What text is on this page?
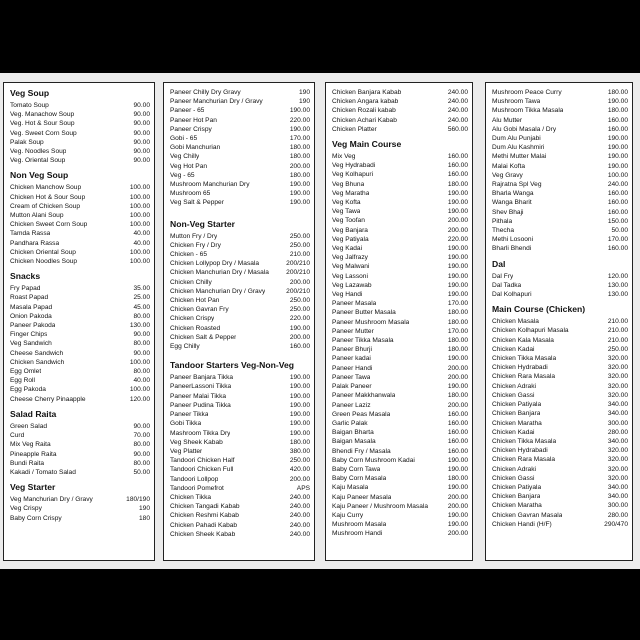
Veg Soup
Tomato Soup	90.00
Veg. Manachow Soup	90.00
Veg. Hot & Sour Soup	90.00
Veg. Sweet Corn Soup	90.00
Palak Soup	90.00
Veg. Noodles Soup	90.00
Veg. Oriental Soup	90.00
Non Veg Soup
Chicken Manchow Soup	100.00
Chicken Hot & Sour Soup	100.00
Cream of Chicken Soup	100.00
Mutton Alani Soup	100.00
Chicken Sweet Corn Soup	100.00
Tamda Rassa	40.00
Pandhara Rassa	40.00
Chicken Oriental Soup	100.00
Chicken Noodles Soup	100.00
Snacks
Fry Papad	35.00
Roast Papad	25.00
Masala Papad	45.00
Onion Pakoda	80.00
Paneer Pakoda	130.00
Finger Chips	90.00
Veg Sandwich	80.00
Cheese Sandwich	90.00
Chicken Sandwich	100.00
Egg Omlet	80.00
Egg Roll	40.00
Egg Pakoda	100.00
Cheese Cherry Pinaapple	120.00
Salad Raita
Green Salad	90.00
Curd	70.00
Mix Veg Raita	80.00
Pineapple Raita	90.00
Bundi Raita	80.00
Kakadi / Tomato Salad	50.00
Veg Starter
Veg Manchurian Dry / Gravy	180/190
Veg Crispy	190
Baby Corn Crispy	180
Paneer Chilly Dry Gravy	190
Paneer Manchurian Dry / Gravy	190
Paneer - 65	190.00
Paneer Hot Pan	220.00
Paneer Crispy	190.00
Gobi - 65	170.00
Gobi Manchurian	180.00
Veg Chilly	180.00
Veg Hot Pan	200.00
Veg - 65	180.00
Mushroom Manchurian Dry	190.00
Mushroom 65	190.00
Veg Salt & Pepper	190.00
Non-Veg Starter
Mutton Fry / Dry	250.00
Chicken Fry / Dry	250.00
Chicken - 65	210.00
Chicken Lollypop Dry / Masala	200/210
Chicken Manchurian Dry / Masala	200/210
Chicken Chilly	200.00
Chicken Manchurian Dry / Gravy	200/210
Chicken Hot Pan	250.00
Chicken Gavran Fry	250.00
Chicken Crispy	220.00
Chicken Roasted	190.00
Chicken Salt & Pepper	200.00
Egg Chilly	160.00
Tandoor Starters Veg-Non-Veg
Paneer Banjara Tikka	190.00
PaneerLassoni Tikka	190.00
Paneer Malai Tikka	190.00
Paneer Pudina Tikka	190.00
Paneer Tikka	190.00
Gobi Tikka	190.00
Mashroom Tikka Dry	190.00
Veg Sheek Kabab	180.00
Veg Platter	380.00
Tandoori Chicken Half	250.00
Tandoori Chicken Full	420.00
Tandoori Lollpop	200.00
Tandoori Pomefrot	APS
Chicken Tikka	240.00
Chicken Tangadi Kabab	240.00
Chicken Reshmi Kabab	240.00
Chicken Pahadi Kabab	240.00
Chicken Sheek Kabab	240.00
Chicken Banjara Kabab	240.00
Chicken Angara kabab	240.00
Chicken Rozali kabab	240.00
Chicken Achari Kabab	240.00
Chicken Platter	560.00
Veg Main Course
Mix Veg	160.00
Veg Hydrabadi	160.00
Veg Kolhapuri	160.00
Veg Bhuna	180.00
Veg Maratha	190.00
Veg Kofta	190.00
Veg Tawa	190.00
Veg Toofan	200.00
Veg Banjara	200.00
Veg Patiyala	220.00
Veg Kadai	190.00
Veg Jalfrazy	190.00
Veg Malwani	190.00
Veg Lassoni	190.00
Veg Lazawab	190.00
Veg Handi	190.00
Paneer Masala	170.00
Paneer Butter Masala	180.00
Paneer Mushroom Masala	180.00
Paneer Mutter	170.00
Paneer Tikka Masala	180.00
Paneer Bhurji	180.00
Paneer kadai	190.00
Paneer Handi	200.00
Paneer Tawa	200.00
Palak Paneer	190.00
Paneer Makkhanwala	180.00
Paneer Laziz	200.00
Green Peas Masala	160.00
Garlic Palak	160.00
Baigan Bharta	160.00
Baigan Masala	160.00
Bhendi Fry / Masala	160.00
Baby Corn Mushroom Kadai	190.00
Baby Corn Tawa	190.00
Baby Corn Masala	180.00
Kaju Masala	190.00
Kaju Paneer Masala	200.00
Kaju Paneer / Mushroom Masala	200.00
Kaju Curry	190.00
Mushroom Masala	190.00
Mushroom Handi	200.00
Mushroom Peace Curry	180.00
Mushroom Tawa	190.00
Mushroom Tikka Masala	180.00
Alu Mutter	160.00
Alu Gobi Masala / Dry	160.00
Dum Alu Punjabi	190.00
Dum Alu Kashmiri	190.00
Methi Mutter Malai	190.00
Malai Kofta	190.00
Veg Gravy	100.00
Rajratna Spl Veg	240.00
Bharla Wanga	160.00
Wanga Bharit	160.00
Shev Bhaji	160.00
Pithala	150.00
Thecha	50.00
Methi Losooni	170.00
Bharli Bhendi	160.00
Dal
Dal Fry	120.00
Dal Tadka	130.00
Dal Kolhapuri	130.00
Main Course (Chicken)
Chicken Masala	210.00
Chicken Kolhapuri Masala	210.00
Chicken Kala Masala	210.00
Chicken Kadai	250.00
Chicken Tikka Masala	320.00
Chicken Hydrabadi	320.00
Chicken Rara Masala	320.00
Chicken Adraki	320.00
Chicken Gassi	320.00
Chicken Patiyala	340.00
Chicken Banjara	340.00
Chicken Maratha	300.00
Chicken Kadai	280.00
Chicken Tikka Masala	340.00
Chicken Hydrabadi	320.00
Chicken Rara Masala	320.00
Chicken Adraki	320.00
Chicken Gassi	320.00
Chicken Patiyala	340.00
Chicken Banjara	340.00
Chicken Maratha	300.00
Chicken Gavran Masala	280.00
Chicken Handi (H/F)	290/470
